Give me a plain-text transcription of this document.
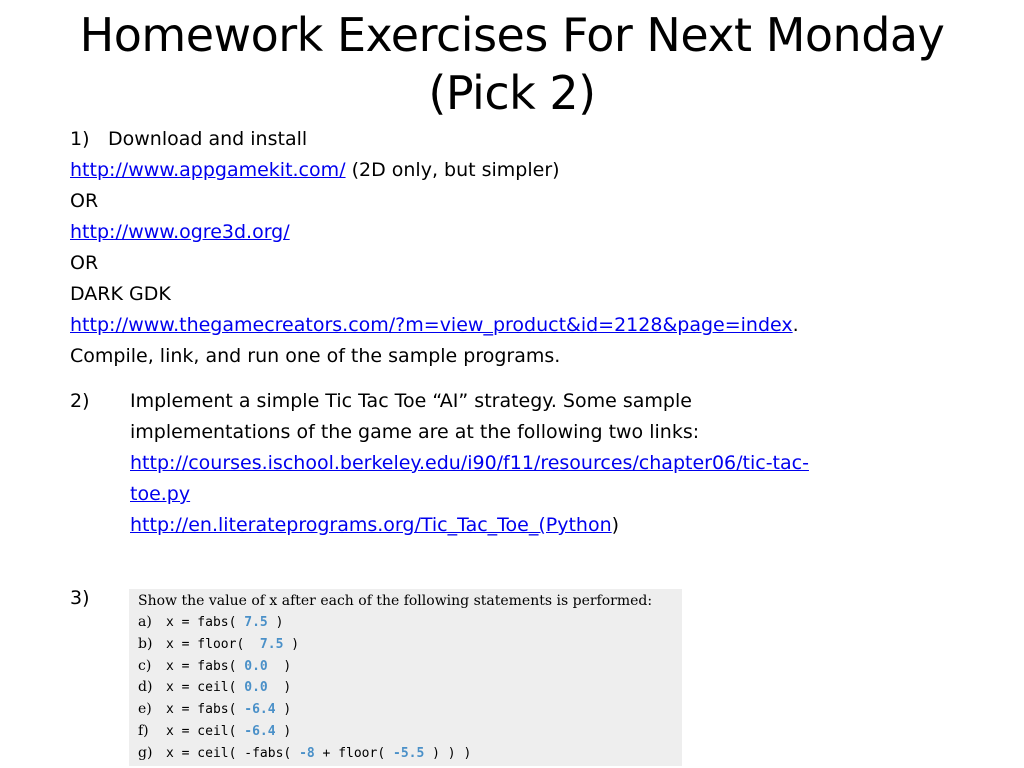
Homework Exercises For Next Monday
(Pick 2)
1) Download and install
http://www.appgamekit.com/ (2D only, but simpler)
OR
http://www.ogre3d.org/
OR
DARK GDK
http://www.thegamecreators.com/?m=view_product&id=2128&page=index.
Compile, link, and run one of the sample programs.
2) Implement a simple Tic Tac Toe “AI” strategy. Some sample
implementations of the game are at the following two links:
http://courses.ischool.berkeley.edu/i90/f11/resources/chapter06/tic-tac-
toe.py
http://en.literateprograms.org/Tic_Tac_Toe_(Python)
3)	Show the value of x after each of the following statements is performed:
a) x = fabs( 7.5 )
b) x = floor(  7.5 )
c) x = fabs( 0.0  )
d) x = ceil( 0.0  )
e) x = fabs( -6.4 )
f) x = ceil( -6.4 )
g) x = ceil( -fabs( -8 + floor( -5.5 ) ) )
